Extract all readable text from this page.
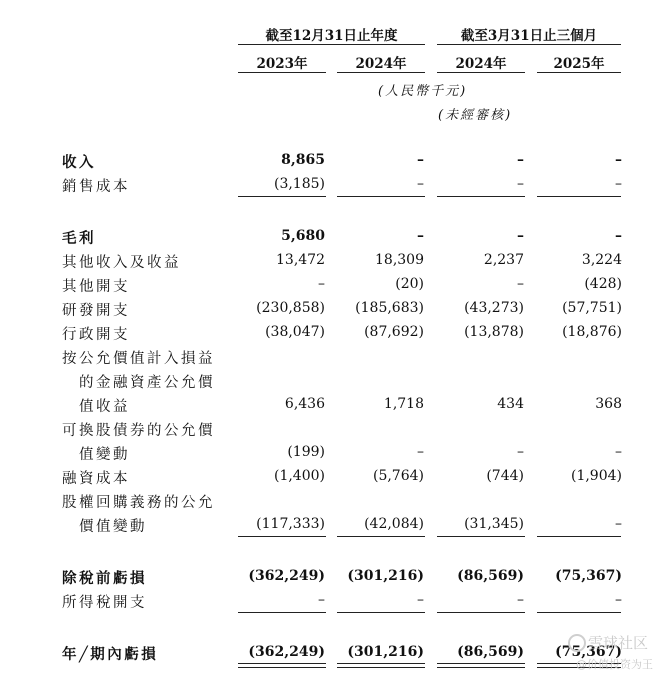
截至12月31日止年度	截至3月31日止三個月
2023年	2024年	2024年	2025年
(人民幣千元)
(未經審核)
收入	8,865	–	–	–
銷售成本	(3,185)	–	–	–
毛利	5,680	–	–	–
其他收入及收益	13,472	18,309	2,237	3,224
其他開支	–	(20)	–	(428)
研發開支	(230,858)	(185,683)	(43,273)	(57,751)
行政開支	(38,047)	(87,692)	(13,878)	(18,876)
按公允價值計入損益
的金融資產公允價
值收益	6,436	1,718	434	368
可換股債券的公允價
值變動	(199)	–	–	–
融資成本	(1,400)	(5,764)	(744)	(1,904)
股權回購義務的公允
價值變動	(117,333)	(42,084)	(31,345)	–
除稅前虧損	(362,249)	(301,216)	(86,569)	(75,367)
所得稅開支	–	–	–	–
年╱期內虧損	(362,249)	(301,216)	(86,569)	(75,367)
雪球社区
@价值投资为王
